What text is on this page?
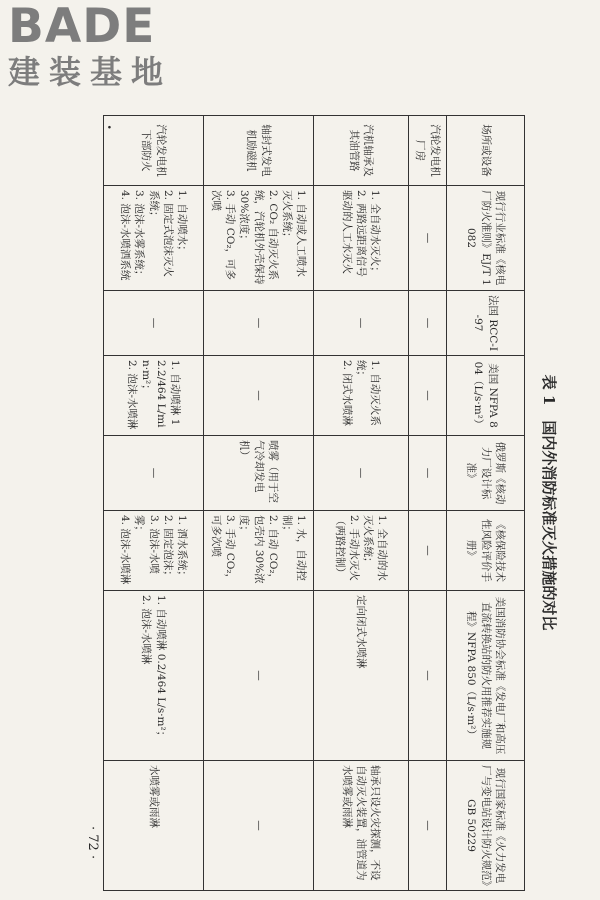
BADE
建装基地
·
· 72 ·
表 1　国内外消防标准灭火措施的对比
场所或设备	现行行业标准《核电厂防火准则》EJ/T 1082	法国 RCC-I-97	美国 NFPA 804（L/s·m²）	俄罗斯《核动力厂设计标准》	《核保险技术性风险评价手册》	美国消防协会标准《发电厂和高压直流转换站的防火用推荐实施规程》NFPA 850（L/s·m²）	现行国家标准《火力发电厂与变电站设计防火规范》GB 50229
汽轮发电机厂房	—	—	—	—	—	—	—

汽机轴承及其油管路	1. 全自动水灭火；
2. 两路远距离信号驱动的人工水灭火	—	1. 自动灭火系统；
2. 闭式水喷淋	—	1. 全自动的水灭火系统；
2. 手动水灭火（两路控制）	定向闭式水喷淋	轴承只设火灾探测，不设自动灭火装置，油管道为水喷雾或雨淋

轴封式发电机励磁机	1. 自动或人工喷水灭火系统；
2. CO₂ 自动灭火系统，汽轮机外壳保持 30%浓度；
3. 手动 CO₂，可多次喷	—	—	喷雾（用于空气冷却发电机）	1. 水，自动控制；
2. 自动 CO₂，包壳内 30%浓度；
3. 手动 CO₂，可多次喷	—	—

汽轮发电机下部防火	1. 自动喷水；
2. 固定式泡沫灭火系统；
3. 泡沫-水雾系统；
4. 泡沫-水喷洒系统	—	1. 自动喷淋 12.2/464 L/min·m²；
2. 泡沫-水喷淋	—	1. 洒水系统；
2. 固定泡沫；
3. 泡沫-水喷雾；
4. 泡沫-水喷淋	1. 自动喷淋 0.2/464 L/s·m²；
2. 泡沫-水喷淋	水喷雾或雨淋
